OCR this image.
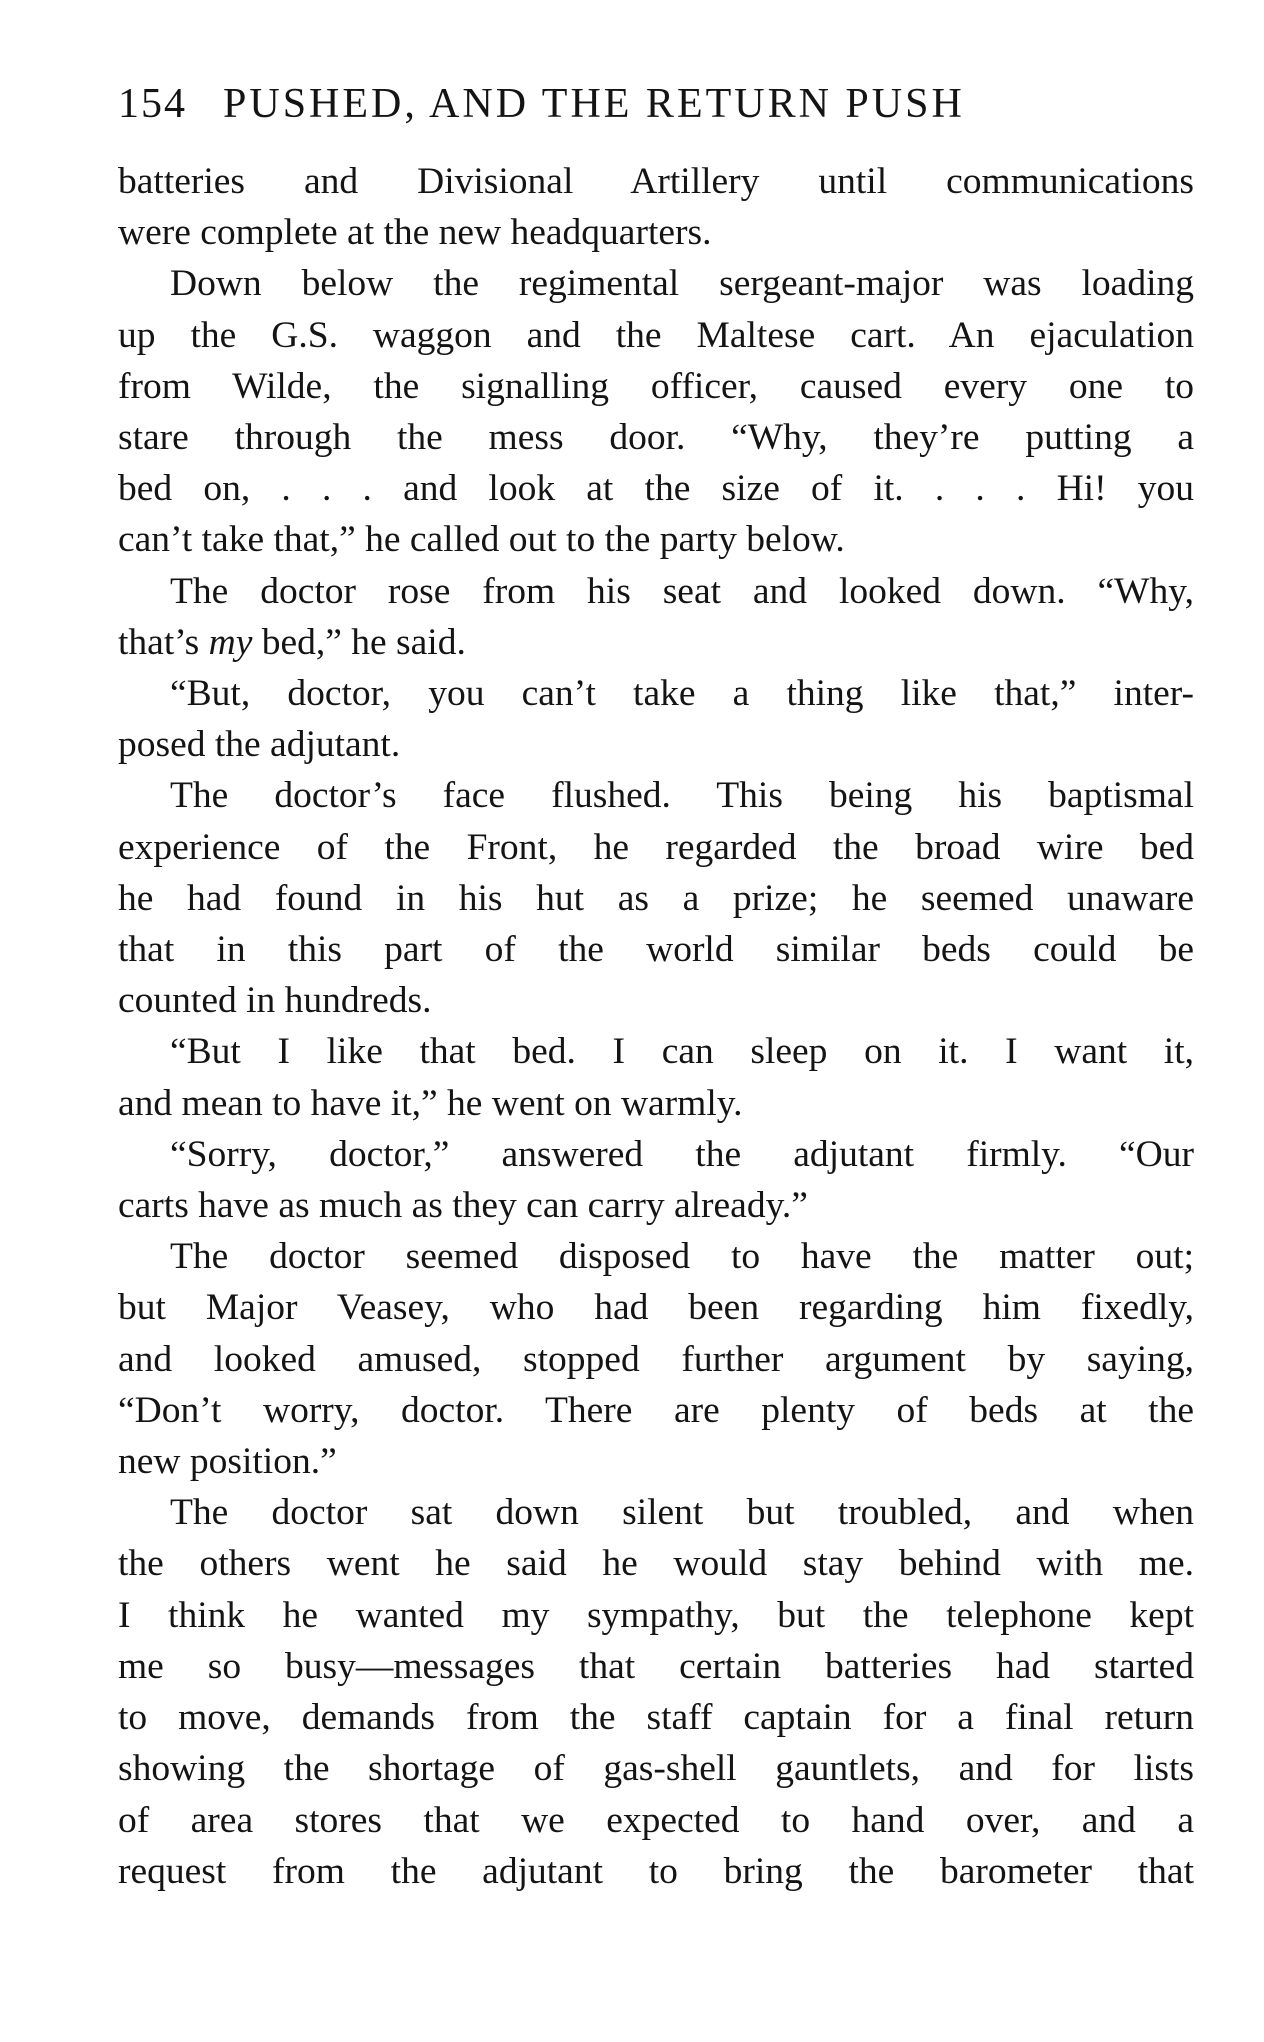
154 PUSHED, AND THE RETURN PUSH
batteries and Divisional Artillery until communications
were complete at the new headquarters.
Down below the regimental sergeant-major was loading
up the G.S. waggon and the Maltese cart. An ejaculation
from Wilde, the signalling officer, caused every one to
stare through the mess door. “Why, they’re putting a
bed on, . . . and look at the size of it. . . . Hi! you
can’t take that,” he called out to the party below.
The doctor rose from his seat and looked down. “Why,
that’s my bed,” he said.
“But, doctor, you can’t take a thing like that,” inter-
posed the adjutant.
The doctor’s face flushed. This being his baptismal
experience of the Front, he regarded the broad wire bed
he had found in his hut as a prize; he seemed unaware
that in this part of the world similar beds could be
counted in hundreds.
“But I like that bed. I can sleep on it. I want it,
and mean to have it,” he went on warmly.
“Sorry, doctor,” answered the adjutant firmly. “Our
carts have as much as they can carry already.”
The doctor seemed disposed to have the matter out;
but Major Veasey, who had been regarding him fixedly,
and looked amused, stopped further argument by saying,
“Don’t worry, doctor. There are plenty of beds at the
new position.”
The doctor sat down silent but troubled, and when
the others went he said he would stay behind with me.
I think he wanted my sympathy, but the telephone kept
me so busy—messages that certain batteries had started
to move, demands from the staff captain for a final return
showing the shortage of gas-shell gauntlets, and for lists
of area stores that we expected to hand over, and a
request from the adjutant to bring the barometer that
